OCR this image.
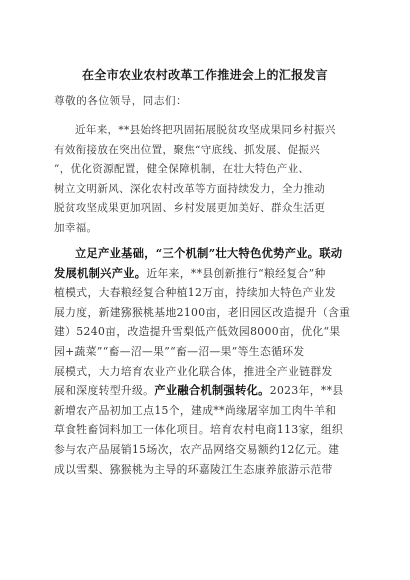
在全市农业农村改革工作推进会上的汇报发言
尊敬的各位领导，同志们：
近年来，**县始终把巩固拓展脱贫攻坚成果同乡村振兴
有效衔接放在突出位置，聚焦“守底线、抓发展、促振兴
”，优化资源配置，健全保障机制，在壮大特色产业、
树立文明新风、深化农村改革等方面持续发力，全力推动
脱贫攻坚成果更加巩固、乡村发展更加美好、群众生活更
加幸福。
立足产业基础，“三个机制”壮大特色优势产业。联动
发展机制兴产业。近年来，**县创新推行“粮经复合”种
植模式，大春粮经复合种植12万亩，持续加大特色产业发
展力度，新建猕猴桃基地2100亩，老旧园区改造提升（含重
建）5240亩，改造提升雪梨低产低效园8000亩，优化“果
园+蔬菜”“畜—沼—果”“畜—沼—果”等生态循环发
展模式，大力培育农业产业化联合体，推进全产业链群发
展和深度转型升级。产业融合机制强转化。2023年，**县
新增农产品初加工点15个，建成**尚缘屠宰加工肉牛羊和
草食牲畜饲料加工一体化项目。培育农村电商113家，组织
参与农产品展销15场次，农产品网络交易额约12亿元。建
成以雪梨、猕猴桃为主导的环嘉陵江生态康养旅游示范带
